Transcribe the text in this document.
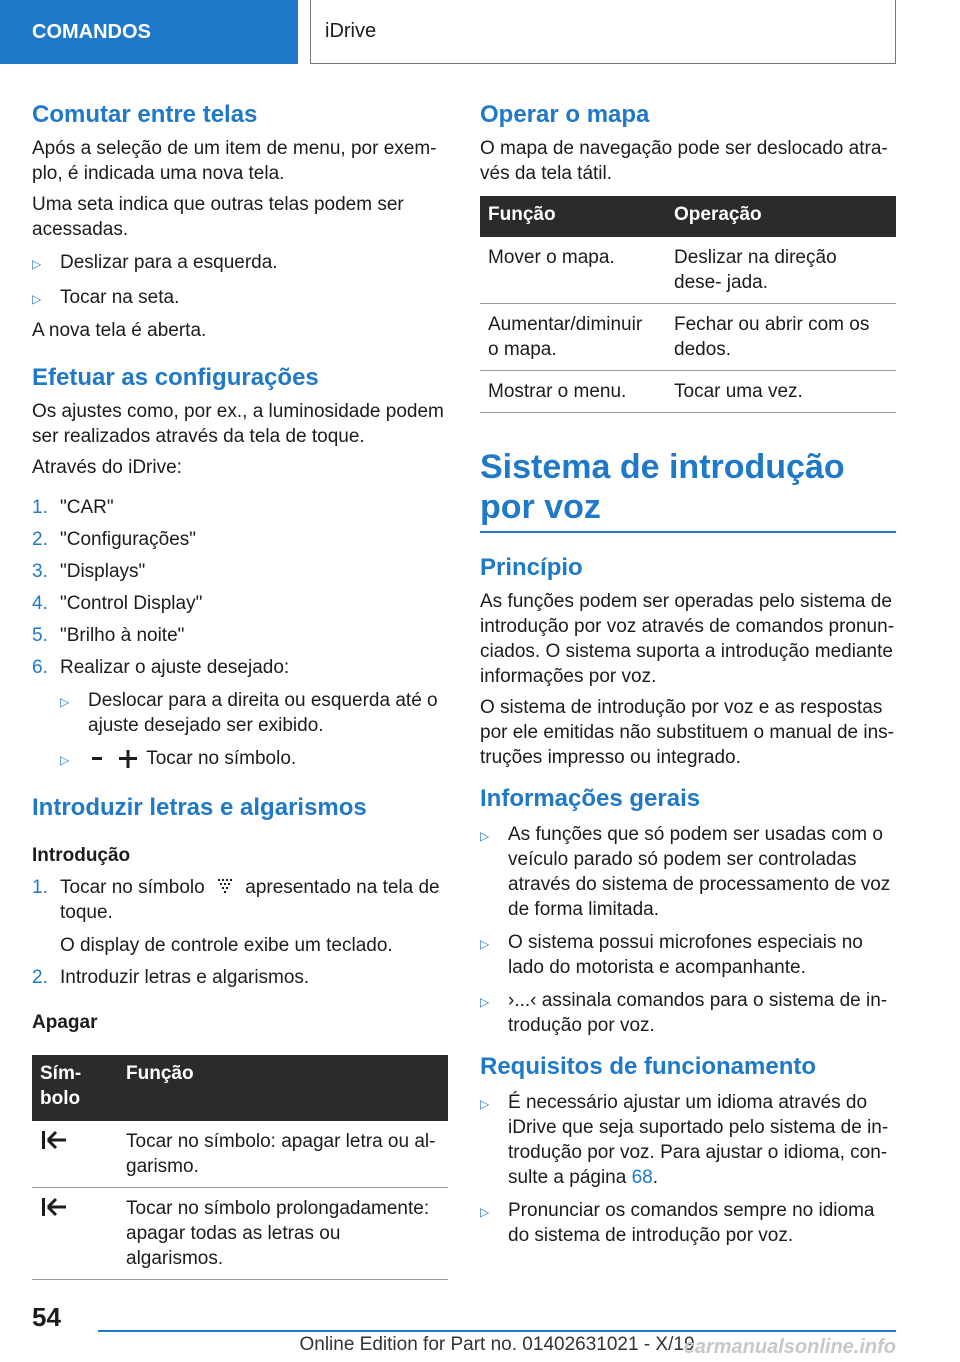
COMANDOS	iDrive
Comutar entre telas

Após a seleção de um item de menu, por exem- plo, é indicada uma nova tela.

Uma seta indica que outras telas podem ser acessadas.

▷ Deslizar para a esquerda.
▷ Tocar na seta.

A nova tela é aberta.

Efetuar as configurações

Os ajustes como, por ex., a luminosidade podem ser realizados através da tela de toque.

Através do iDrive:

1. "CAR"
2. "Configurações"
3. "Displays"
4. "Control Display"
5. "Brilho à noite"
6. Realizar o ajuste desejado:
▷ Deslocar para a direita ou esquerda até o ajuste desejado ser exibido.
▷	Tocar no símbolo.
Introduzir letras e algarismos
Introdução
1. Tocar no símbolo apresentado na tela de toque.

O display de controle exibe um teclado.

2. Introduzir letras e algarismos.
Apagar
Sím- bolo	Função
	Tocar no símbolo: apagar letra ou al- garismo.
	Tocar no símbolo prolongadamente: apagar todas as letras ou algarismos.
Operar o mapa

O mapa de navegação pode ser deslocado atra- vés da tela tátil.

Função	Operação
Mover o mapa.	Deslizar na direção dese- jada.
Aumentar/diminuir o mapa.	Fechar ou abrir com os dedos.
Mostrar o menu.	Tocar uma vez.
Sistema de introdução por voz
Princípio

As funções podem ser operadas pelo sistema de introdução por voz através de comandos pronun- ciados. O sistema suporta a introdução mediante informações por voz.

O sistema de introdução por voz e as respostas por ele emitidas não substituem o manual de ins- truções impresso ou integrado.

Informações gerais
▷ As funções que só podem ser usadas com o veículo parado só podem ser controladas através do sistema de processamento de voz de forma limitada.
▷ O sistema possui microfones especiais no lado do motorista e acompanhante.
▷ ›...‹ assinala comandos para o sistema de in- trodução por voz.
Requisitos de funcionamento
▷ É necessário ajustar um idioma através do iDrive que seja suportado pelo sistema de in- trodução por voz. Para ajustar o idioma, con- sulte a página 68.
▷ Pronunciar os comandos sempre no idioma do sistema de introdução por voz.
54
Online Edition for Part no. 01402631021 - X/19
carmanualsonline.info
